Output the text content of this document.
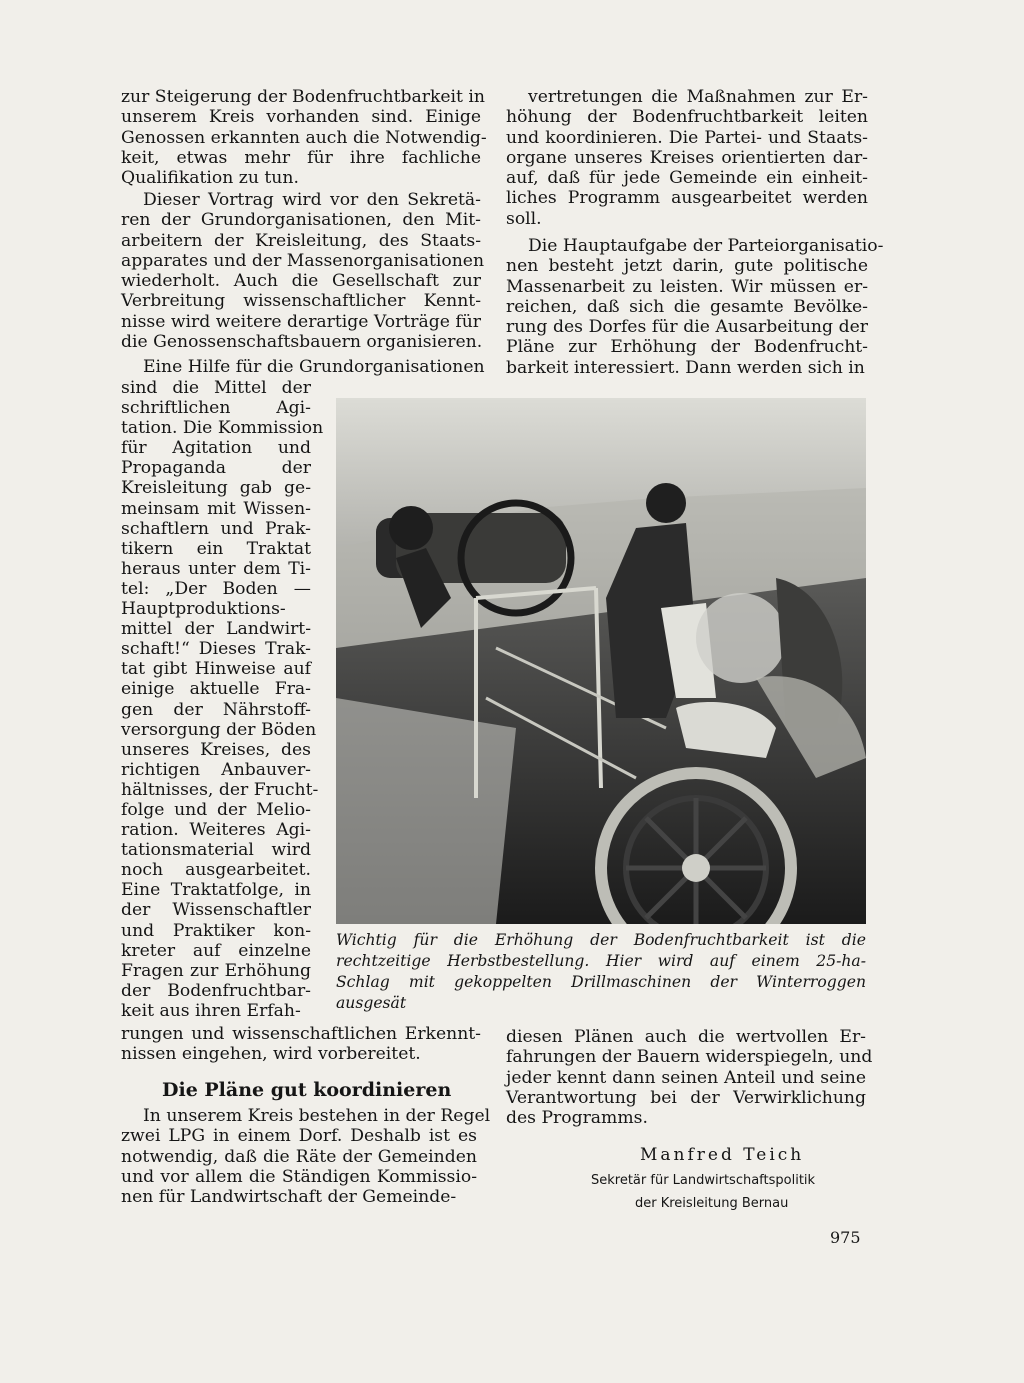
zur Steigerung der Bodenfruchtbarkeit in
unserem Kreis vorhanden sind. Einige
Genossen erkannten auch die Notwendig-
keit, etwas mehr für ihre fachliche
Qualifikation zu tun.
Dieser Vortrag wird vor den Sekretä-
ren der Grundorganisationen, den Mit-
arbeitern der Kreisleitung, des Staats-
apparates und der Massenorganisationen
wiederholt. Auch die Gesellschaft zur
Verbreitung wissenschaftlicher Kennt-
nisse wird weitere derartige Vorträge für
die Genossenschaftsbauern organisieren.
Eine Hilfe für die Grundorganisationen
sind die Mittel der
schriftlichen Agi-
tation. Die Kommission
für Agitation und
Propaganda der
Kreisleitung gab ge-
meinsam mit Wissen-
schaftlern und Prak-
tikern ein Traktat
heraus unter dem Ti-
tel: „Der Boden —
Hauptproduktions-
mittel der Landwirt-
schaft!“ Dieses Trak-
tat gibt Hinweise auf
einige aktuelle Fra-
gen der Nährstoff-
versorgung der Böden
unseres Kreises, des
richtigen Anbauver-
hältnisses, der Frucht-
folge und der Melio-
ration. Weiteres Agi-
tationsmaterial wird
noch ausgearbeitet.
Eine Traktatfolge, in
der Wissenschaftler
und Praktiker kon-
kreter auf einzelne
Fragen zur Erhöhung
der Bodenfruchtbar-
keit aus ihren Erfah-
rungen und wissenschaftlichen Erkennt-
nissen eingehen, wird vorbereitet.
Die Pläne gut koordinieren
In unserem Kreis bestehen in der Regel
zwei LPG in einem Dorf. Deshalb ist es
notwendig, daß die Räte der Gemeinden
und vor allem die Ständigen Kommissio-
nen für Landwirtschaft der Gemeinde-
vertretungen die Maßnahmen zur Er-
höhung der Bodenfruchtbarkeit leiten
und koordinieren. Die Partei- und Staats-
organe unseres Kreises orientierten dar-
auf, daß für jede Gemeinde ein einheit-
liches Programm ausgearbeitet werden
soll.
Die Hauptaufgabe der Parteiorganisatio-
nen besteht jetzt darin, gute politische
Massenarbeit zu leisten. Wir müssen er-
reichen, daß sich die gesamte Bevölke-
rung des Dorfes für die Ausarbeitung der
Pläne zur Erhöhung der Bodenfrucht-
barkeit interessiert. Dann werden sich in
Wichtig für die Erhöhung der Bodenfruchtbarkeit ist die
rechtzeitige Herbstbestellung. Hier wird auf einem 25-ha-
Schlag mit gekoppelten Drillmaschinen der Winterroggen
ausgesät
diesen Plänen auch die wertvollen Er-
fahrungen der Bauern widerspiegeln, und
jeder kennt dann seinen Anteil und seine
Verantwortung bei der Verwirklichung
des Programms.

Manfred Teich

Sekretär für Landwirtschaftspolitik

der Kreisleitung Bernau

975
